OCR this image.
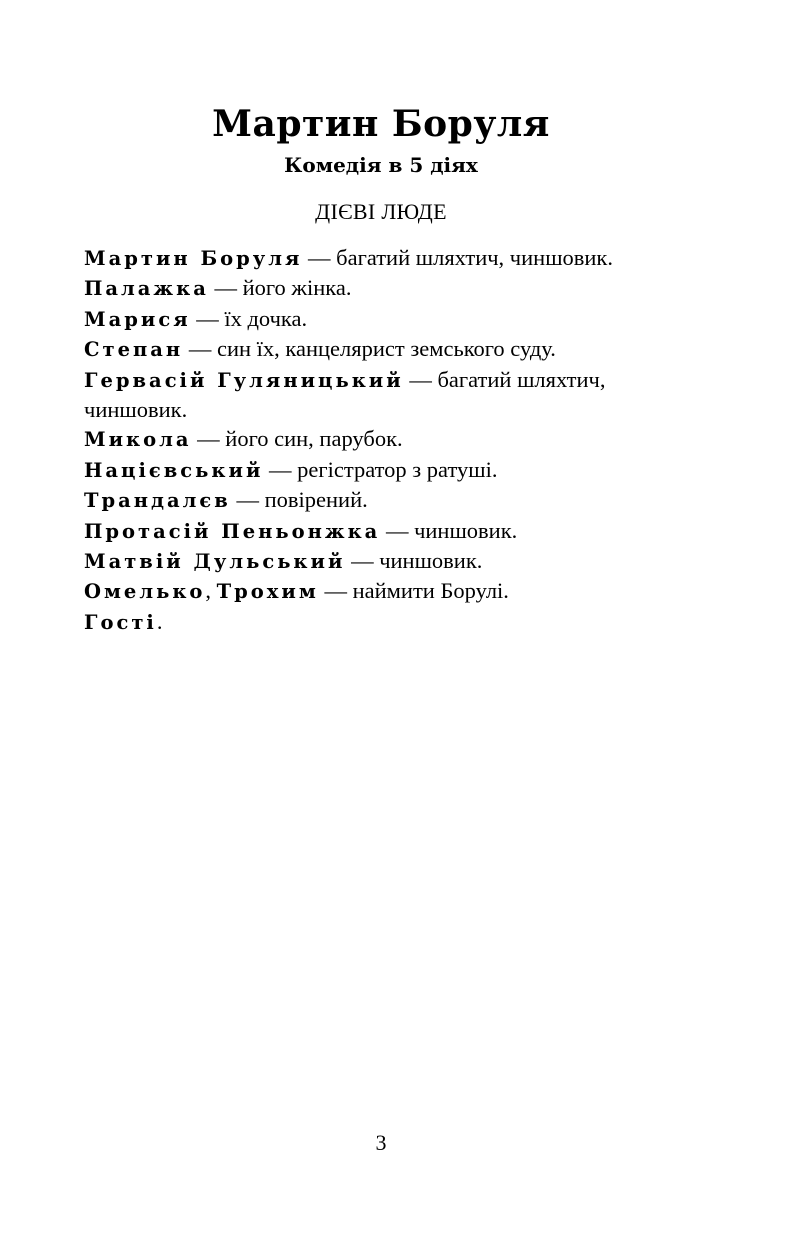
Мартин Боруля
Комедія в 5 діях
ДІЄВІ ЛЮДЕ
Мартин Боруля — багатий шляхтич, чиншовик.
Палажка — його жінка.
Марися — їх дочка.
Степан — син їх, канцелярист земського суду.
Гервасій Гуляницький — багатий шляхтич, чиншовик.
Микола — його син, парубок.
Націєвський — регістратор з ратуші.
Трандалєв — повірений.
Протасій Пеньонжка — чиншовик.
Матвій Дульський — чиншовик.
Омелько, Трохим — наймити Борулі.
Гості.
3
